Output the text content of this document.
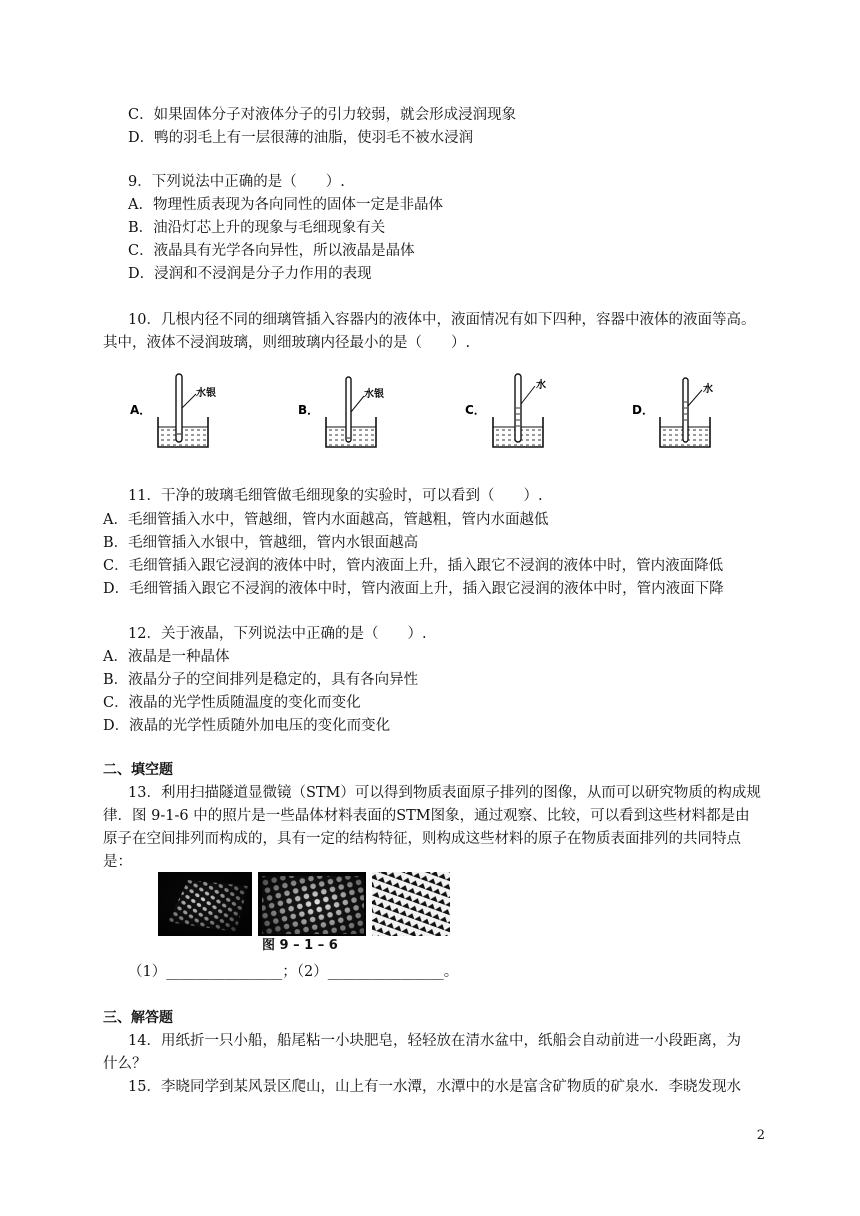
C．如果固体分子对液体分子的引力较弱，就会形成浸润现象
D．鸭的羽毛上有一层很薄的油脂，使羽毛不被水浸润
9．下列说法中正确的是（　　）.
A．物理性质表现为各向同性的固体一定是非晶体
B．油沿灯芯上升的现象与毛细现象有关
C．液晶具有光学各向异性，所以液晶是晶体
D．浸润和不浸润是分子力作用的表现
10．几根内径不同的细璃管插入容器内的液体中，液面情况有如下四种，容器中液体的液面等高。
其中，液体不浸润玻璃，则细玻璃内径最小的是（　　）.
A．
水银
B．
水银
C．
水
D．
水
11．干净的玻璃毛细管做毛细现象的实验时，可以看到（　　）.
A．毛细管插入水中，管越细，管内水面越高，管越粗，管内水面越低
B．毛细管插入水银中，管越细，管内水银面越高
C．毛细管插入跟它浸润的液体中时，管内液面上升，插入跟它不浸润的液体中时，管内液面降低
D．毛细管插入跟它不浸润的液体中时，管内液面上升，插入跟它浸润的液体中时，管内液面下降
12．关于液晶，下列说法中正确的是（　　）.
A．液晶是一种晶体
B．液晶分子的空间排列是稳定的，具有各向异性
C．液晶的光学性质随温度的变化而变化
D．液晶的光学性质随外加电压的变化而变化
二、填空题
13．利用扫描隧道显微镜（STM）可以得到物质表面原子排列的图像，从而可以研究物质的构成规
律．图 9-1-6 中的照片是一些晶体材料表面的STM图象，通过观察、比较，可以看到这些材料都是由
原子在空间排列而构成的，具有一定的结构特征，则构成这些材料的原子在物质表面排列的共同特点
是：
图 9 – 1 – 6
（1）________________；（2）________________。
三、解答题
14．用纸折一只小船，船尾粘一小块肥皂，轻轻放在清水盆中，纸船会自动前进一小段距离，为
什么？
15．李晓同学到某风景区爬山，山上有一水潭，水潭中的水是富含矿物质的矿泉水．李晓发现水
2
